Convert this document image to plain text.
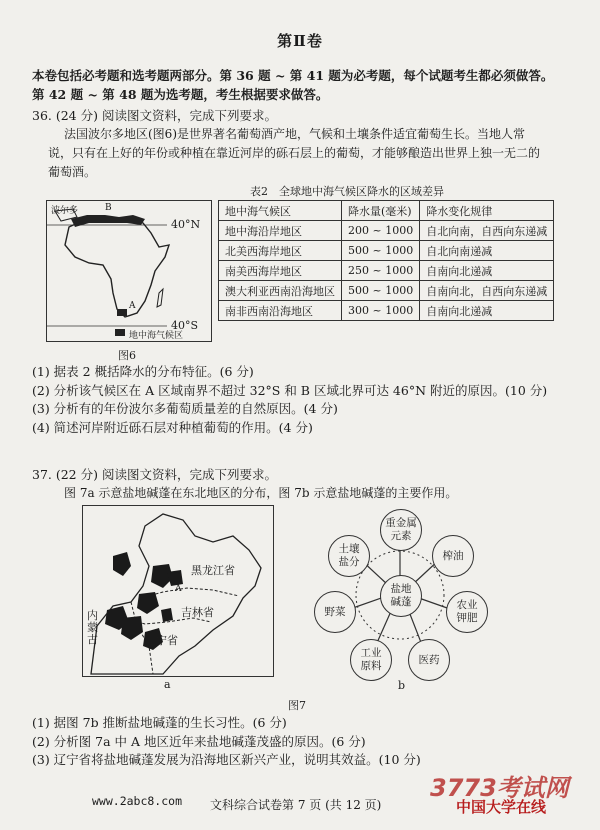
第Ⅱ卷
本卷包括必考题和选考题两部分。第 36 题 ~ 第 41 题为必考题，每个试题考生都必须做答。
第 42 题 ~ 第 48 题为选考题，考生根据要求做答。
36. (24 分) 阅读图文资料，完成下列要求。
法国波尔多地区(图6)是世界著名葡萄酒产地，气候和土壤条件适宜葡萄生长。当地人常
说，只有在上好的年份或种植在靠近河岸的砾石层上的葡萄，才能够酿造出世界上独一无二的
葡萄酒。
波尔多	B
A
40°N
40°S
地中海气候区
图6
表2　全球地中海气候区降水的区域差异
地中海气候区	降水量(毫米)	降水变化规律
地中海沿岸地区	200 ~ 1000	自北向南，自西向东递减
北美西海岸地区	500 ~ 1000	自北向南递减
南美西海岸地区	250 ~ 1000	自南向北递减
澳大利亚西南沿海地区	500 ~ 1000	自南向北，自西向东递减
南非西南沿海地区	300 ~ 1000	自南向北递减
(1) 据表 2 概括降水的分布特征。(6 分)
(2) 分析该气候区在 A 区域南界不超过 32°S 和 B 区域北界可达 46°N 附近的原因。(10 分)
(3) 分析有的年份波尔多葡萄质量差的自然原因。(4 分)
(4) 简述河岸附近砾石层对种植葡萄的作用。(4 分)
37. (22 分) 阅读图文资料，完成下列要求。
图 7a 示意盐地碱蓬在东北地区的分布，图 7b 示意盐地碱蓬的主要作用。
黑龙江省
吉林省
辽宁省
内
蒙
古
A
a
盐地
碱蓬
重金属
元素
榨油
农业
钾肥
医药
工业
原料
野菜
土壤
盐分
b
图7
(1) 据图 7b 推断盐地碱蓬的生长习性。(6 分)
(2) 分析图 7a 中 A 地区近年来盐地碱蓬茂盛的原因。(6 分)
(3) 辽宁省将盐地碱蓬发展为沿海地区新兴产业，说明其效益。(10 分)
www.2abc8.com 文科综合试卷第 7 页 (共 12 页)
3773考试网
中国大学在线
